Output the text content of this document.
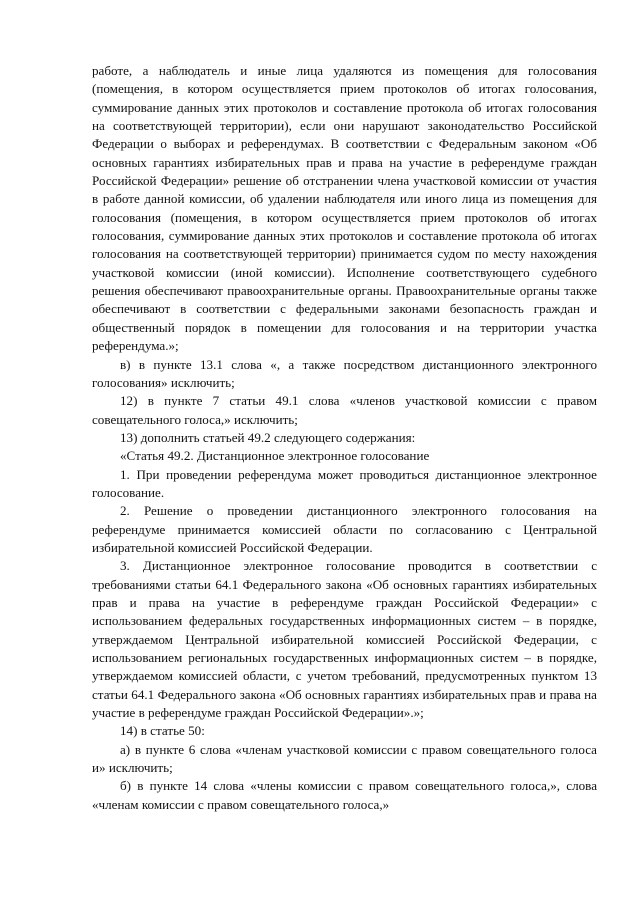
работе, а наблюдатель и иные лица удаляются из помещения для голосования (помещения, в котором осуществляется прием протоколов об итогах голосования, суммирование данных этих протоколов и составление протокола об итогах голосования на соответствующей территории), если они нарушают законодательство Российской Федерации о выборах и референдумах. В соответствии с Федеральным законом «Об основных гарантиях избирательных прав и права на участие в референдуме граждан Российской Федерации» решение об отстранении члена участковой комиссии от участия в работе данной комиссии, об удалении наблюдателя или иного лица из помещения для голосования (помещения, в котором осуществляется прием протоколов об итогах голосования, суммирование данных этих протоколов и составление протокола об итогах голосования на соответствующей территории) принимается судом по месту нахождения участковой комиссии (иной комиссии). Исполнение соответствующего судебного решения обеспечивают правоохранительные органы. Правоохранительные органы также обеспечивают в соответствии с федеральными законами безопасность граждан и общественный порядок в помещении для голосования и на территории участка референдума.»;

в) в пункте 13.1 слова «, а также посредством дистанционного электронного голосования» исключить;

12) в пункте 7 статьи 49.1 слова «членов участковой комиссии с правом совещательного голоса,» исключить;

13) дополнить статьей 49.2 следующего содержания:

«Статья 49.2. Дистанционное электронное голосование

1. При проведении референдума может проводиться дистанционное электронное голосование.

2. Решение о проведении дистанционного электронного голосования на референдуме принимается комиссией области по согласованию с Центральной избирательной комиссией Российской Федерации.

3. Дистанционное электронное голосование проводится в соответствии с требованиями статьи 64.1 Федерального закона «Об основных гарантиях избирательных прав и права на участие в референдуме граждан Российской Федерации» с использованием федеральных государственных информационных систем – в порядке, утверждаемом Центральной избирательной комиссией Российской Федерации, с использованием региональных государственных информационных систем – в порядке, утверждаемом комиссией области, с учетом требований, предусмотренных пунктом 13 статьи 64.1 Федерального закона «Об основных гарантиях избирательных прав и права на участие в референдуме граждан Российской Федерации».»;

14) в статье 50:

а) в пункте 6 слова «членам участковой комиссии с правом совещательного голоса и» исключить;

б) в пункте 14 слова «члены комиссии с правом совещательного голоса,», слова «членам комиссии с правом совещательного голоса,»
